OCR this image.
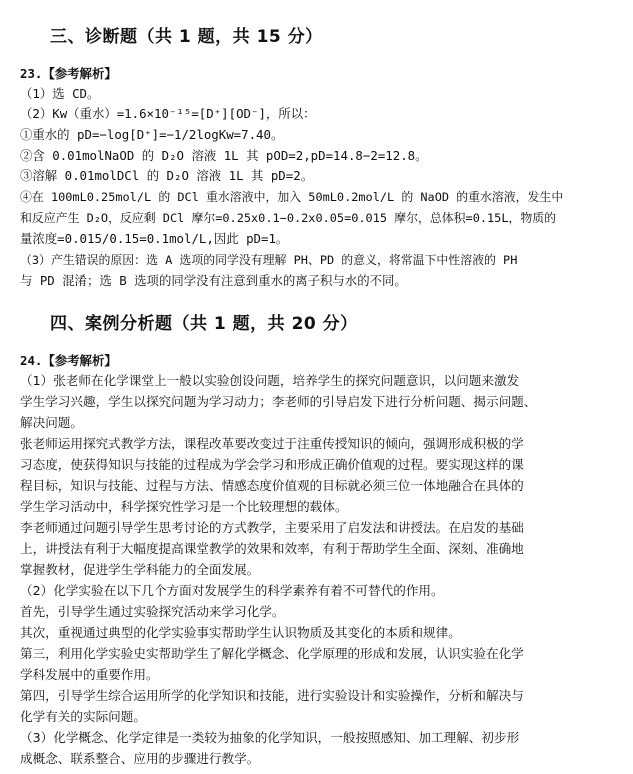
三、诊断题（共 1 题，共 15 分）
23.【参考解析】
（1）选 CD。
（2）Kw（重水）=1.6×10⁻¹⁵=[D⁺][OD⁻]，所以：
①重水的 pD=−log[D⁺]=−1/2logKw=7.40。
②含 0.01molNaOD 的 D₂O 溶液 1L 其 pOD=2,pD=14.8−2=12.8。
③溶解 0.01molDCl 的 D₂O 溶液 1L 其 pD=2。
④在 100mL0.25mol/L 的 DCl 重水溶液中，加入 50mL0.2mol/L 的 NaOD 的重水溶液，发生中
和反应产生 D₂O，反应剩 DCl 摩尔=0.25x0.1−0.2x0.05=0.015 摩尔，总体积=0.15L，物质的
量浓度=0.015/0.15=0.1mol/L,因此 pD=1。
（3）产生错误的原因：选 A 选项的同学没有理解 PH、PD 的意义，将常温下中性溶液的 PH
与 PD 混淆；选 B 选项的同学没有注意到重水的离子积与水的不同。
四、案例分析题（共 1 题，共 20 分）
24.【参考解析】
（1）张老师在化学课堂上一般以实验创设问题，培养学生的探究问题意识，以问题来激发
学生学习兴趣，学生以探究问题为学习动力；李老师的引导启发下进行分析问题、揭示问题、
解决问题。
张老师运用探究式教学方法，课程改革要改变过于注重传授知识的倾向，强调形成积极的学
习态度，使获得知识与技能的过程成为学会学习和形成正确价值观的过程。要实现这样的课
程目标，知识与技能、过程与方法、情感态度价值观的目标就必须三位一体地融合在具体的
学生学习活动中，科学探究性学习是一个比较理想的载体。
李老师通过问题引导学生思考讨论的方式教学，主要采用了启发法和讲授法。在启发的基础
上，讲授法有利于大幅度提高课堂教学的效果和效率，有利于帮助学生全面、深刻、准确地
掌握教材，促进学生学科能力的全面发展。
（2）化学实验在以下几个方面对发展学生的科学素养有着不可替代的作用。
首先，引导学生通过实验探究活动来学习化学。
其次，重视通过典型的化学实验事实帮助学生认识物质及其变化的本质和规律。
第三，利用化学实验史实帮助学生了解化学概念、化学原理的形成和发展，认识实验在化学
学科发展中的重要作用。
第四，引导学生综合运用所学的化学知识和技能，进行实验设计和实验操作，分析和解决与
化学有关的实际问题。
（3）化学概念、化学定律是一类较为抽象的化学知识，一般按照感知、加工理解、初步形
成概念、联系整合、应用的步骤进行教学。
